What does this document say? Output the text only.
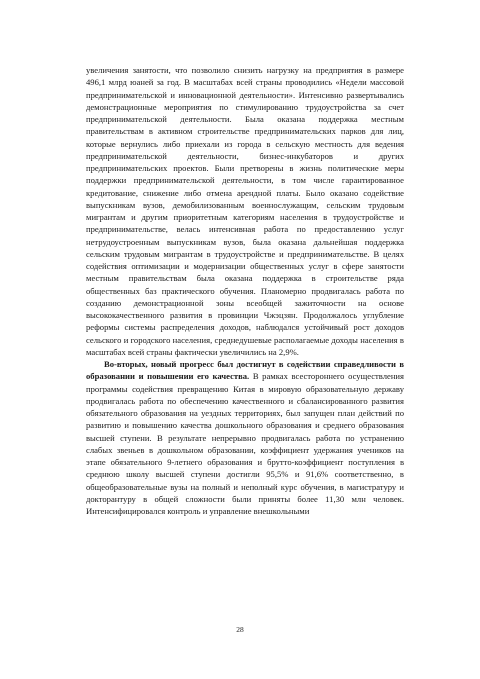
увеличения занятости, что позволило снизить нагрузку на предприятия в размере 496,1 млрд юаней за год. В масштабах всей страны проводились «Недели массовой предпринимательской и инновационной деятельности». Интенсивно развертывались демонстрационные мероприятия по стимулированию трудоустройства за счет предпринимательской деятельности. Была оказана поддержка местным правительствам в активном строительстве предпринимательских парков для лиц, которые вернулись либо приехали из города в сельскую местность для ведения предпринимательской деятельности, бизнес-инкубаторов и других предпринимательских проектов. Были претворены в жизнь политические меры поддержки предпринимательской деятельности, в том числе гарантированное кредитование, снижение либо отмена арендной платы. Было оказано содействие выпускникам вузов, демобилизованным военнослужащим, сельским трудовым мигрантам и другим приоритетным категориям населения в трудоустройстве и предпринимательстве, велась интенсивная работа по предоставлению услуг нетрудоустроенным выпускникам вузов, была оказана дальнейшая поддержка сельским трудовым мигрантам в трудоустройстве и предпринимательстве. В целях содействия оптимизации и модернизации общественных услуг в сфере занятости местным правительствам была оказана поддержка в строительстве ряда общественных баз практического обучения. Планомерно продвигалась работа по созданию демонстрационной зоны всеобщей зажиточности на основе высококачественного развития в провинции Чжэцзян. Продолжалось углубление реформы системы распределения доходов, наблюдался устойчивый рост доходов сельского и городского населения, среднедушевые располагаемые доходы населения в масштабах всей страны фактически увеличились на 2,9%.

Во-вторых, новый прогресс был достигнут в содействии справедливости в образовании и повышении его качества. В рамках всестороннего осуществления программы содействия превращению Китая в мировую образовательную державу продвигалась работа по обеспечению качественного и сбалансированного развития обязательного образования на уездных территориях, был запущен план действий по развитию и повышению качества дошкольного образования и среднего образования высшей ступени. В результате непрерывно продвигалась работа по устранению слабых звеньев в дошкольном образовании, коэффициент удержания учеников на этапе обязательного 9-летнего образования и брутто-коэффициент поступления в среднюю школу высшей ступени достигли 95,5% и 91,6% соответственно, в общеобразовательные вузы на полный и неполный курс обучения, в магистратуру и докторантуру в общей сложности были приняты более 11,30 млн человек. Интенсифицировался контроль и управление внешкольными

28
